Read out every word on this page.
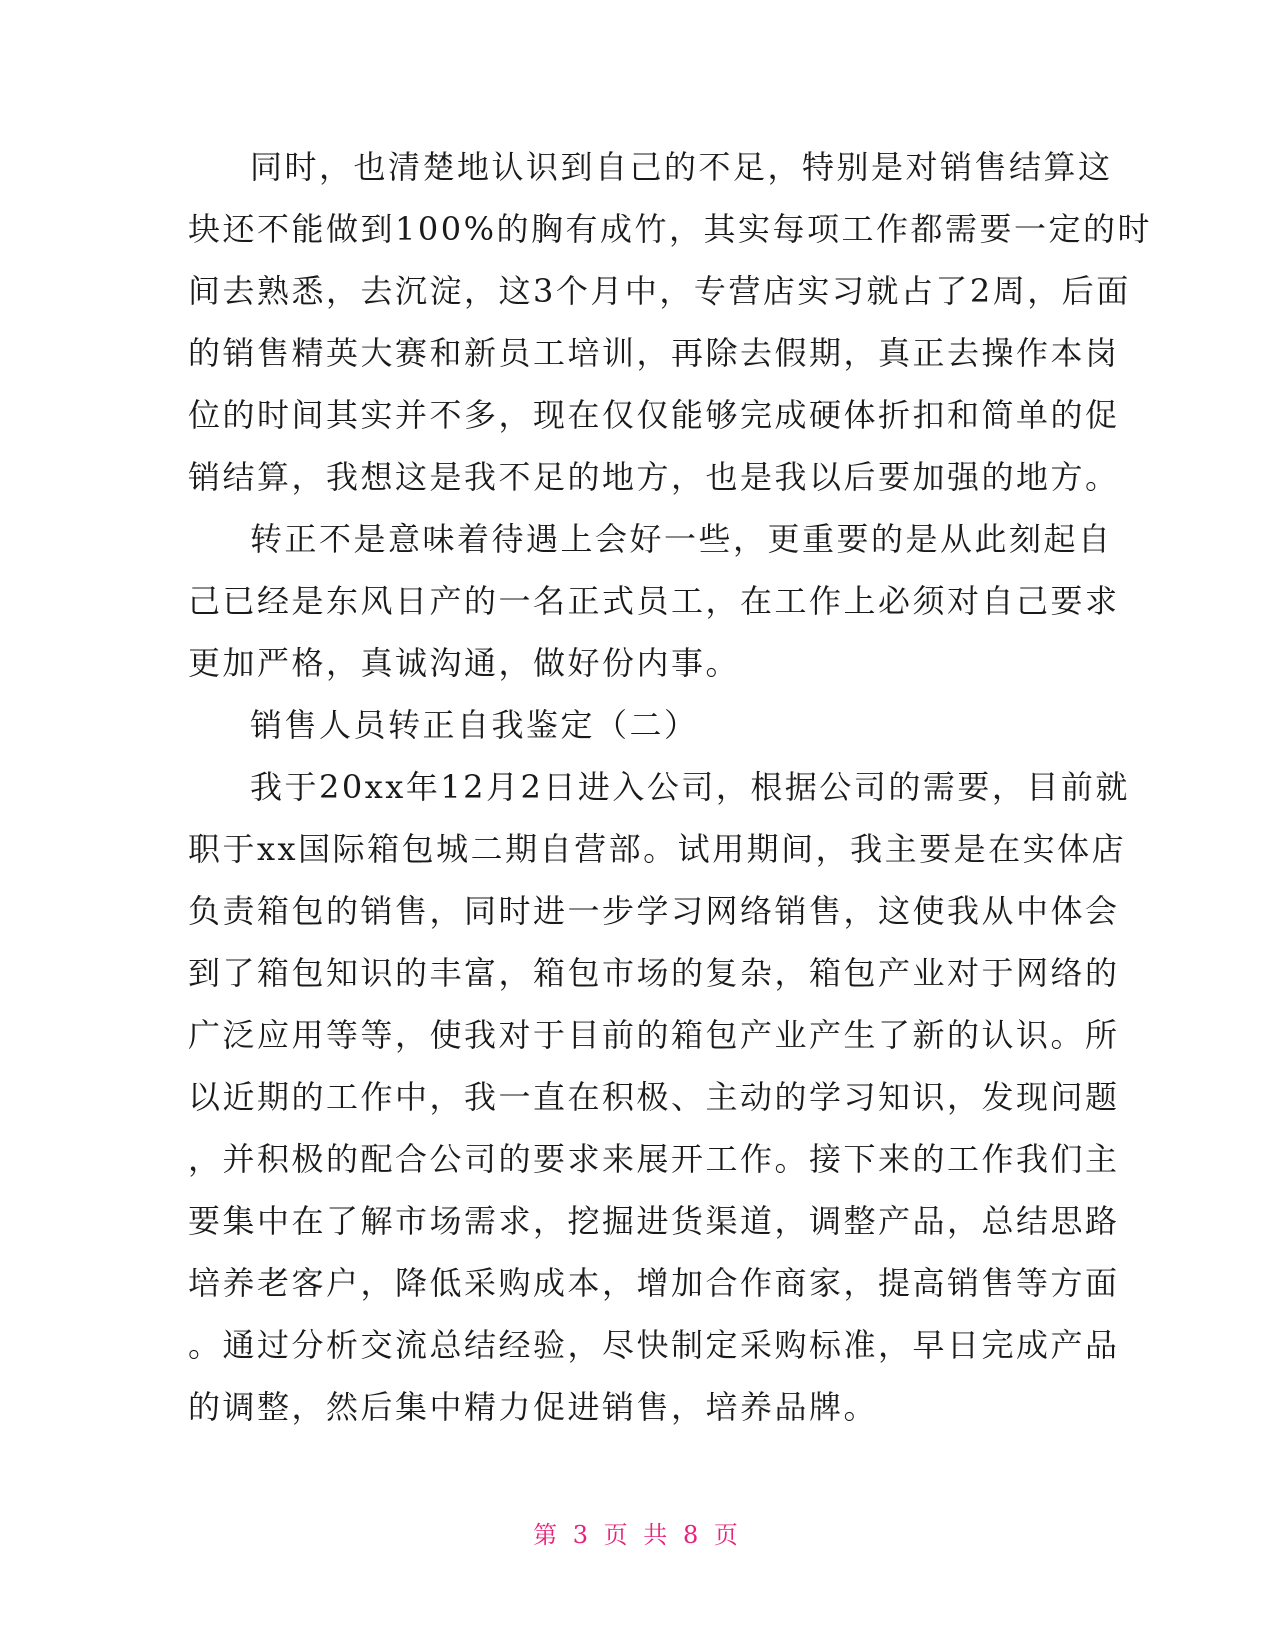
同时，也清楚地认识到自己的不足，特别是对销售结算这
块还不能做到100%的胸有成竹，其实每项工作都需要一定的时
间去熟悉，去沉淀，这3个月中，专营店实习就占了2周，后面
的销售精英大赛和新员工培训，再除去假期，真正去操作本岗
位的时间其实并不多，现在仅仅能够完成硬体折扣和简单的促
销结算，我想这是我不足的地方，也是我以后要加强的地方。
转正不是意味着待遇上会好一些，更重要的是从此刻起自
己已经是东风日产的一名正式员工，在工作上必须对自己要求
更加严格，真诚沟通，做好份内事。
销售人员转正自我鉴定（二）
我于20xx年12月2日进入公司，根据公司的需要，目前就
职于xx国际箱包城二期自营部。试用期间，我主要是在实体店
负责箱包的销售，同时进一步学习网络销售，这使我从中体会
到了箱包知识的丰富，箱包市场的复杂，箱包产业对于网络的
广泛应用等等，使我对于目前的箱包产业产生了新的认识。所
以近期的工作中，我一直在积极、主动的学习知识，发现问题
，并积极的配合公司的要求来展开工作。接下来的工作我们主
要集中在了解市场需求，挖掘进货渠道，调整产品，总结思路
培养老客户，降低采购成本，增加合作商家，提高销售等方面
。通过分析交流总结经验，尽快制定采购标准，早日完成产品
的调整，然后集中精力促进销售，培养品牌。
第 3 页 共 8 页
